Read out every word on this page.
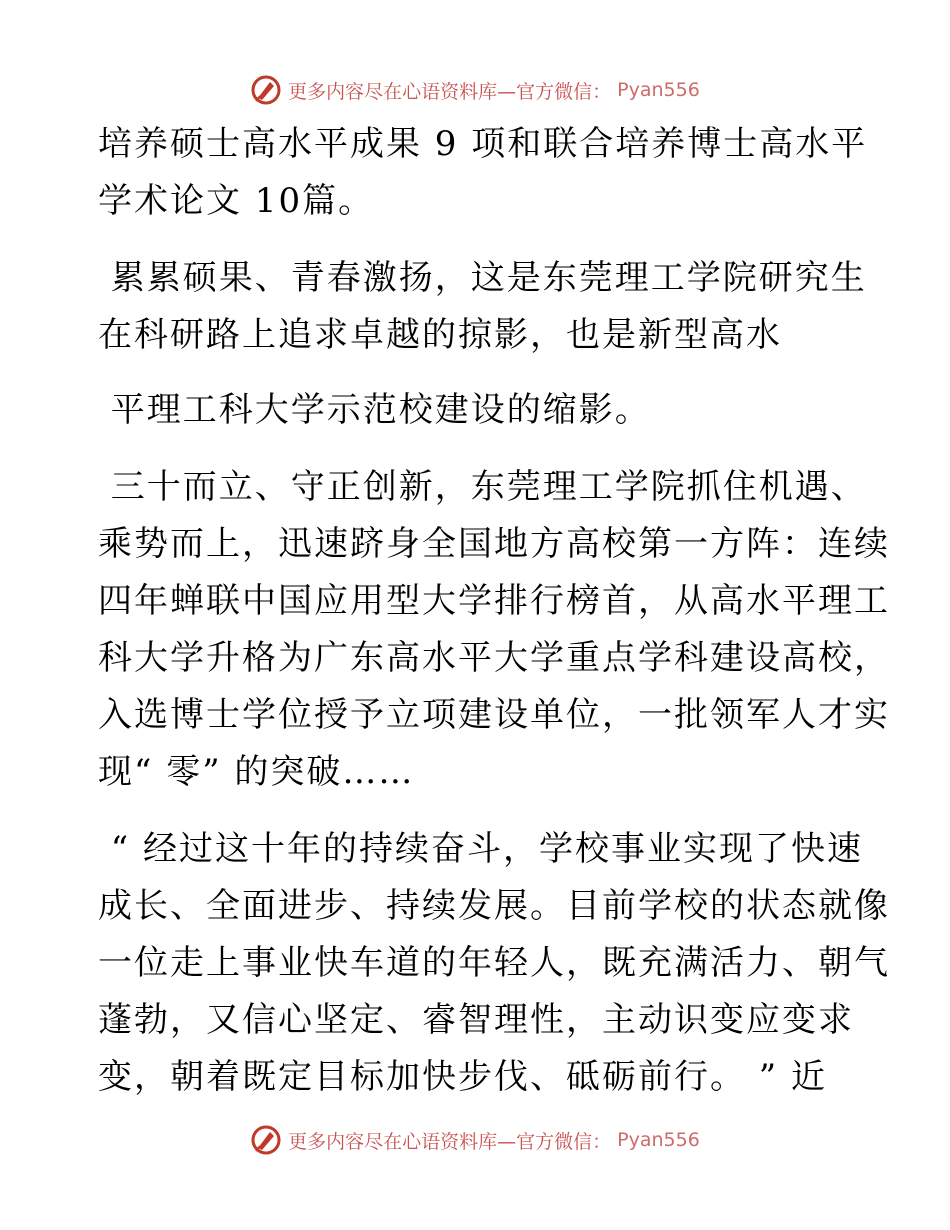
更多内容尽在心语资料库—官方微信： Pyan556
培养硕士高水平成果 9 项和联合培养博士高水平
学术论文 10篇。
累累硕果、青春激扬，这是东莞理工学院研究生
在科研路上追求卓越的掠影，也是新型高水
平理工科大学示范校建设的缩影。
三十而立、守正创新，东莞理工学院抓住机遇、
乘势而上，迅速跻身全国地方高校第一方阵：连续
四年蝉联中国应用型大学排行榜首，从高水平理工
科大学升格为广东高水平大学重点学科建设高校，
入选博士学位授予立项建设单位，一批领军人才实
现“ 零” 的突破……
“ 经过这十年的持续奋斗，学校事业实现了快速
成长、全面进步、持续发展。目前学校的状态就像
一位走上事业快车道的年轻人，既充满活力、朝气
蓬勃，又信心坚定、睿智理性，主动识变应变求
变，朝着既定目标加快步伐、砥砺前行。 ” 近
更多内容尽在心语资料库—官方微信： Pyan556
